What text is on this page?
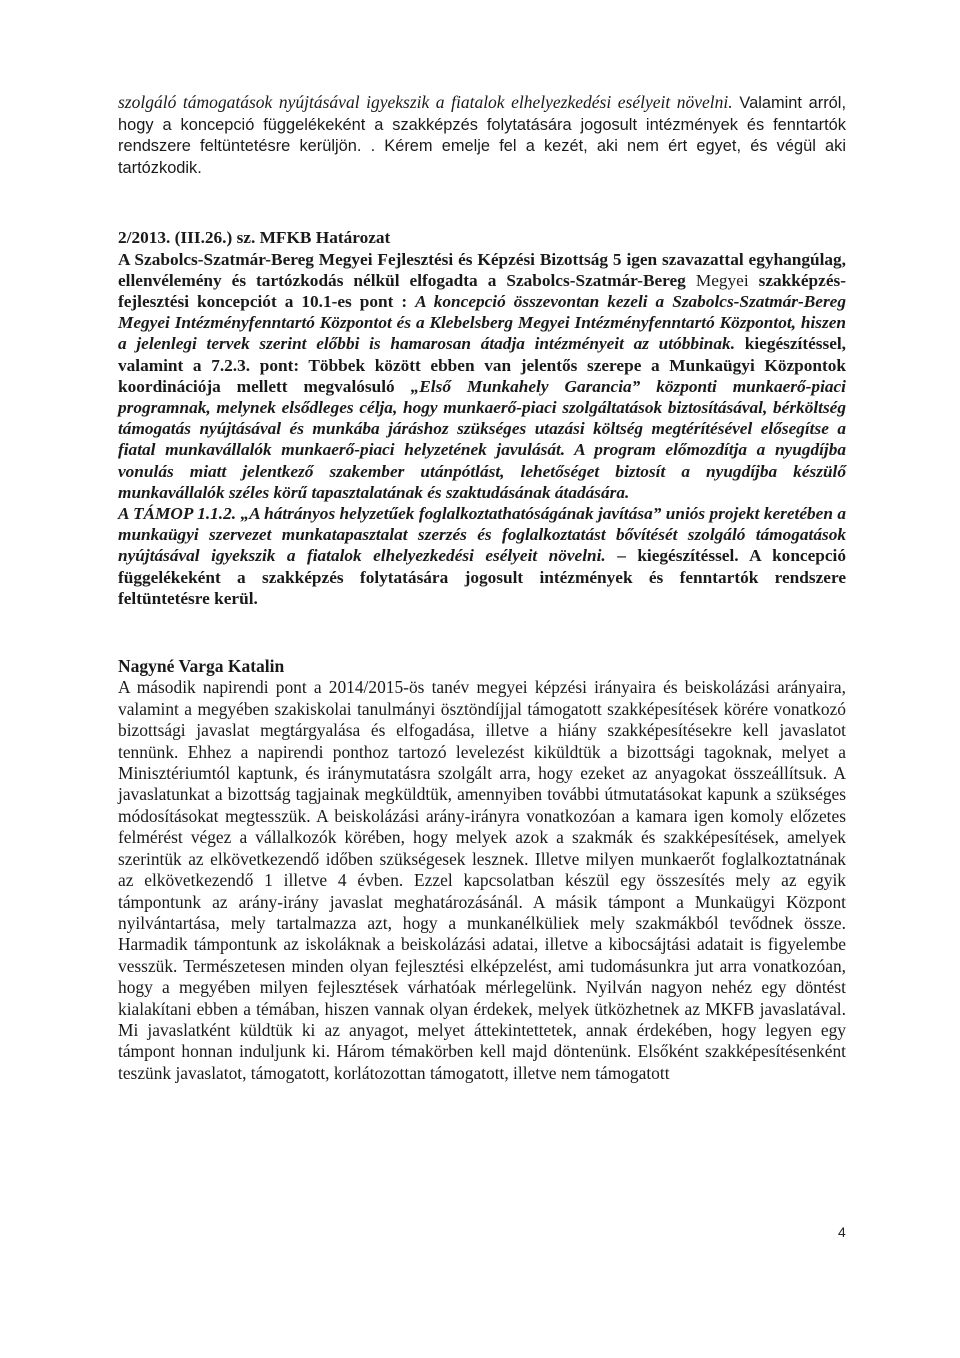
szolgáló támogatások nyújtásával igyekszik a fiatalok elhelyezkedési esélyeit növelni. Valamint arról, hogy a koncepció függelékeként a szakképzés folytatására jogosult intézmények és fenntartók rendszere feltüntetésre kerüljön. . Kérem emelje fel a kezét, aki nem ért egyet, és végül aki tartózkodik.

2/2013. (III.26.) sz. MFKB Határozat

A Szabolcs-Szatmár-Bereg Megyei Fejlesztési és Képzési Bizottság 5 igen szavazattal egyhangúlag, ellenvéleménу és tartózkodás nélkül elfogadta a Szabolcs-Szatmár-Bereg Megyei szakképzés-fejlesztési koncepciót a 10.1-es pont : A koncepció összevontan kezeli a Szabolcs-Szatmár-Bereg Megyei Intézményfenntartó Központot és a Klebelsberg Megyei Intézményfenntartó Központot, hiszen a jelenlegi tervek szerint előbbi is hamarosan átadja intézményeit az utóbbinak. kiegészítéssel, valamint a 7.2.3. pont: Többek között ebben van jelentős szerepe a Munkaügyi Központok koordinációja mellett megvalósuló „Első Munkahely Garancia” központi munkaerő-piaci programnak, melynek elsődleges célja, hogy munkaerő-piaci szolgáltatások biztosításával, bérköltség támogatás nyújtásával és munkába járáshoz szükséges utazási költség megtérítésével elősegítse a fiatal munkavállalók munkaerő-piaci helyzetének javulását. A program előmozdítja a nyugdíjba vonulás miatt jelentkező szakember utánpótlást, lehetőséget biztosít a nyugdíjba készülő munkavállalók széles körű tapasztalatának és szaktudásának átadására.

A TÁMOP 1.1.2. „A hátrányos helyzetűek foglalkoztathatóságának javítása” uniós projekt keretében a munkaügyi szervezet munkatapasztalat szerzés és foglalkoztatást bővítését szolgáló támogatások nyújtásával igyekszik a fiatalok elhelyezkedési esélyeit növelni. – kiegészítéssel. A koncepció függelékeként a szakképzés folytatására jogosult intézmények és fenntartók rendszere feltüntetésre kerül.

Nagyné Varga Katalin

A második napirendi pont a 2014/2015-ös tanév megyei képzési irányaira és beiskolázási arányaira, valamint a megyében szakiskolai tanulmányi ösztöndíjjal támogatott szakképesítések körére vonatkozó bizottsági javaslat megtárgyalása és elfogadása, illetve a hiány szakképesítésekre kell javaslatot tennünk. Ehhez a napirendi ponthoz tartozó levelezést kiküldtük a bizottsági tagoknak, melyet a Minisztériumtól kaptunk, és iránymutatásra szolgált arra, hogy ezeket az anyagokat összeállítsuk. A javaslatunkat a bizottság tagjainak megküldtük, amennyiben további útmutatásokat kapunk a szükséges módosításokat megtesszük. A beiskolázási arány-irányra vonatkozóan a kamara igen komoly előzetes felmérést végez a vállalkozók körében, hogy melyek azok a szakmák és szakképesítések, amelyek szerintük az elkövetkezendő időben szükségesek lesznek. Illetve milyen munkaerőt foglalkoztatnának az elkövetkezendő 1 illetve 4 évben. Ezzel kapcsolatban készül egy összesítés mely az egyik támpontunk az arány-irány javaslat meghatározásánál. A másik támpont a Munkaügyi Központ nyilvántartása, mely tartalmazza azt, hogy a munkanélküliek mely szakmákból tevődnek össze. Harmadik támpontunk az iskoláknak a beiskolázási adatai, illetve a kibocsájtási adatait is figyelembe vesszük. Természetesen minden olyan fejlesztési elképzelést, ami tudomásunkra jut arra vonatkozóan, hogy a megyében milyen fejlesztések várhatóak mérlegelünk. Nyilván nagyon nehéz egy döntést kialakítani ebben a témában, hiszen vannak olyan érdekek, melyek ütközhetnek az MKFB javaslatával. Mi javaslatként küldtük ki az anyagot, melyet áttekintettetek, annak érdekében, hogy legyen egy támpont honnan induljunk ki. Három témakörben kell majd döntenünk. Elsőként szakképesítésenként teszünk javaslatot, támogatott, korlátozottan támogatott, illetve nem támogatott

4
